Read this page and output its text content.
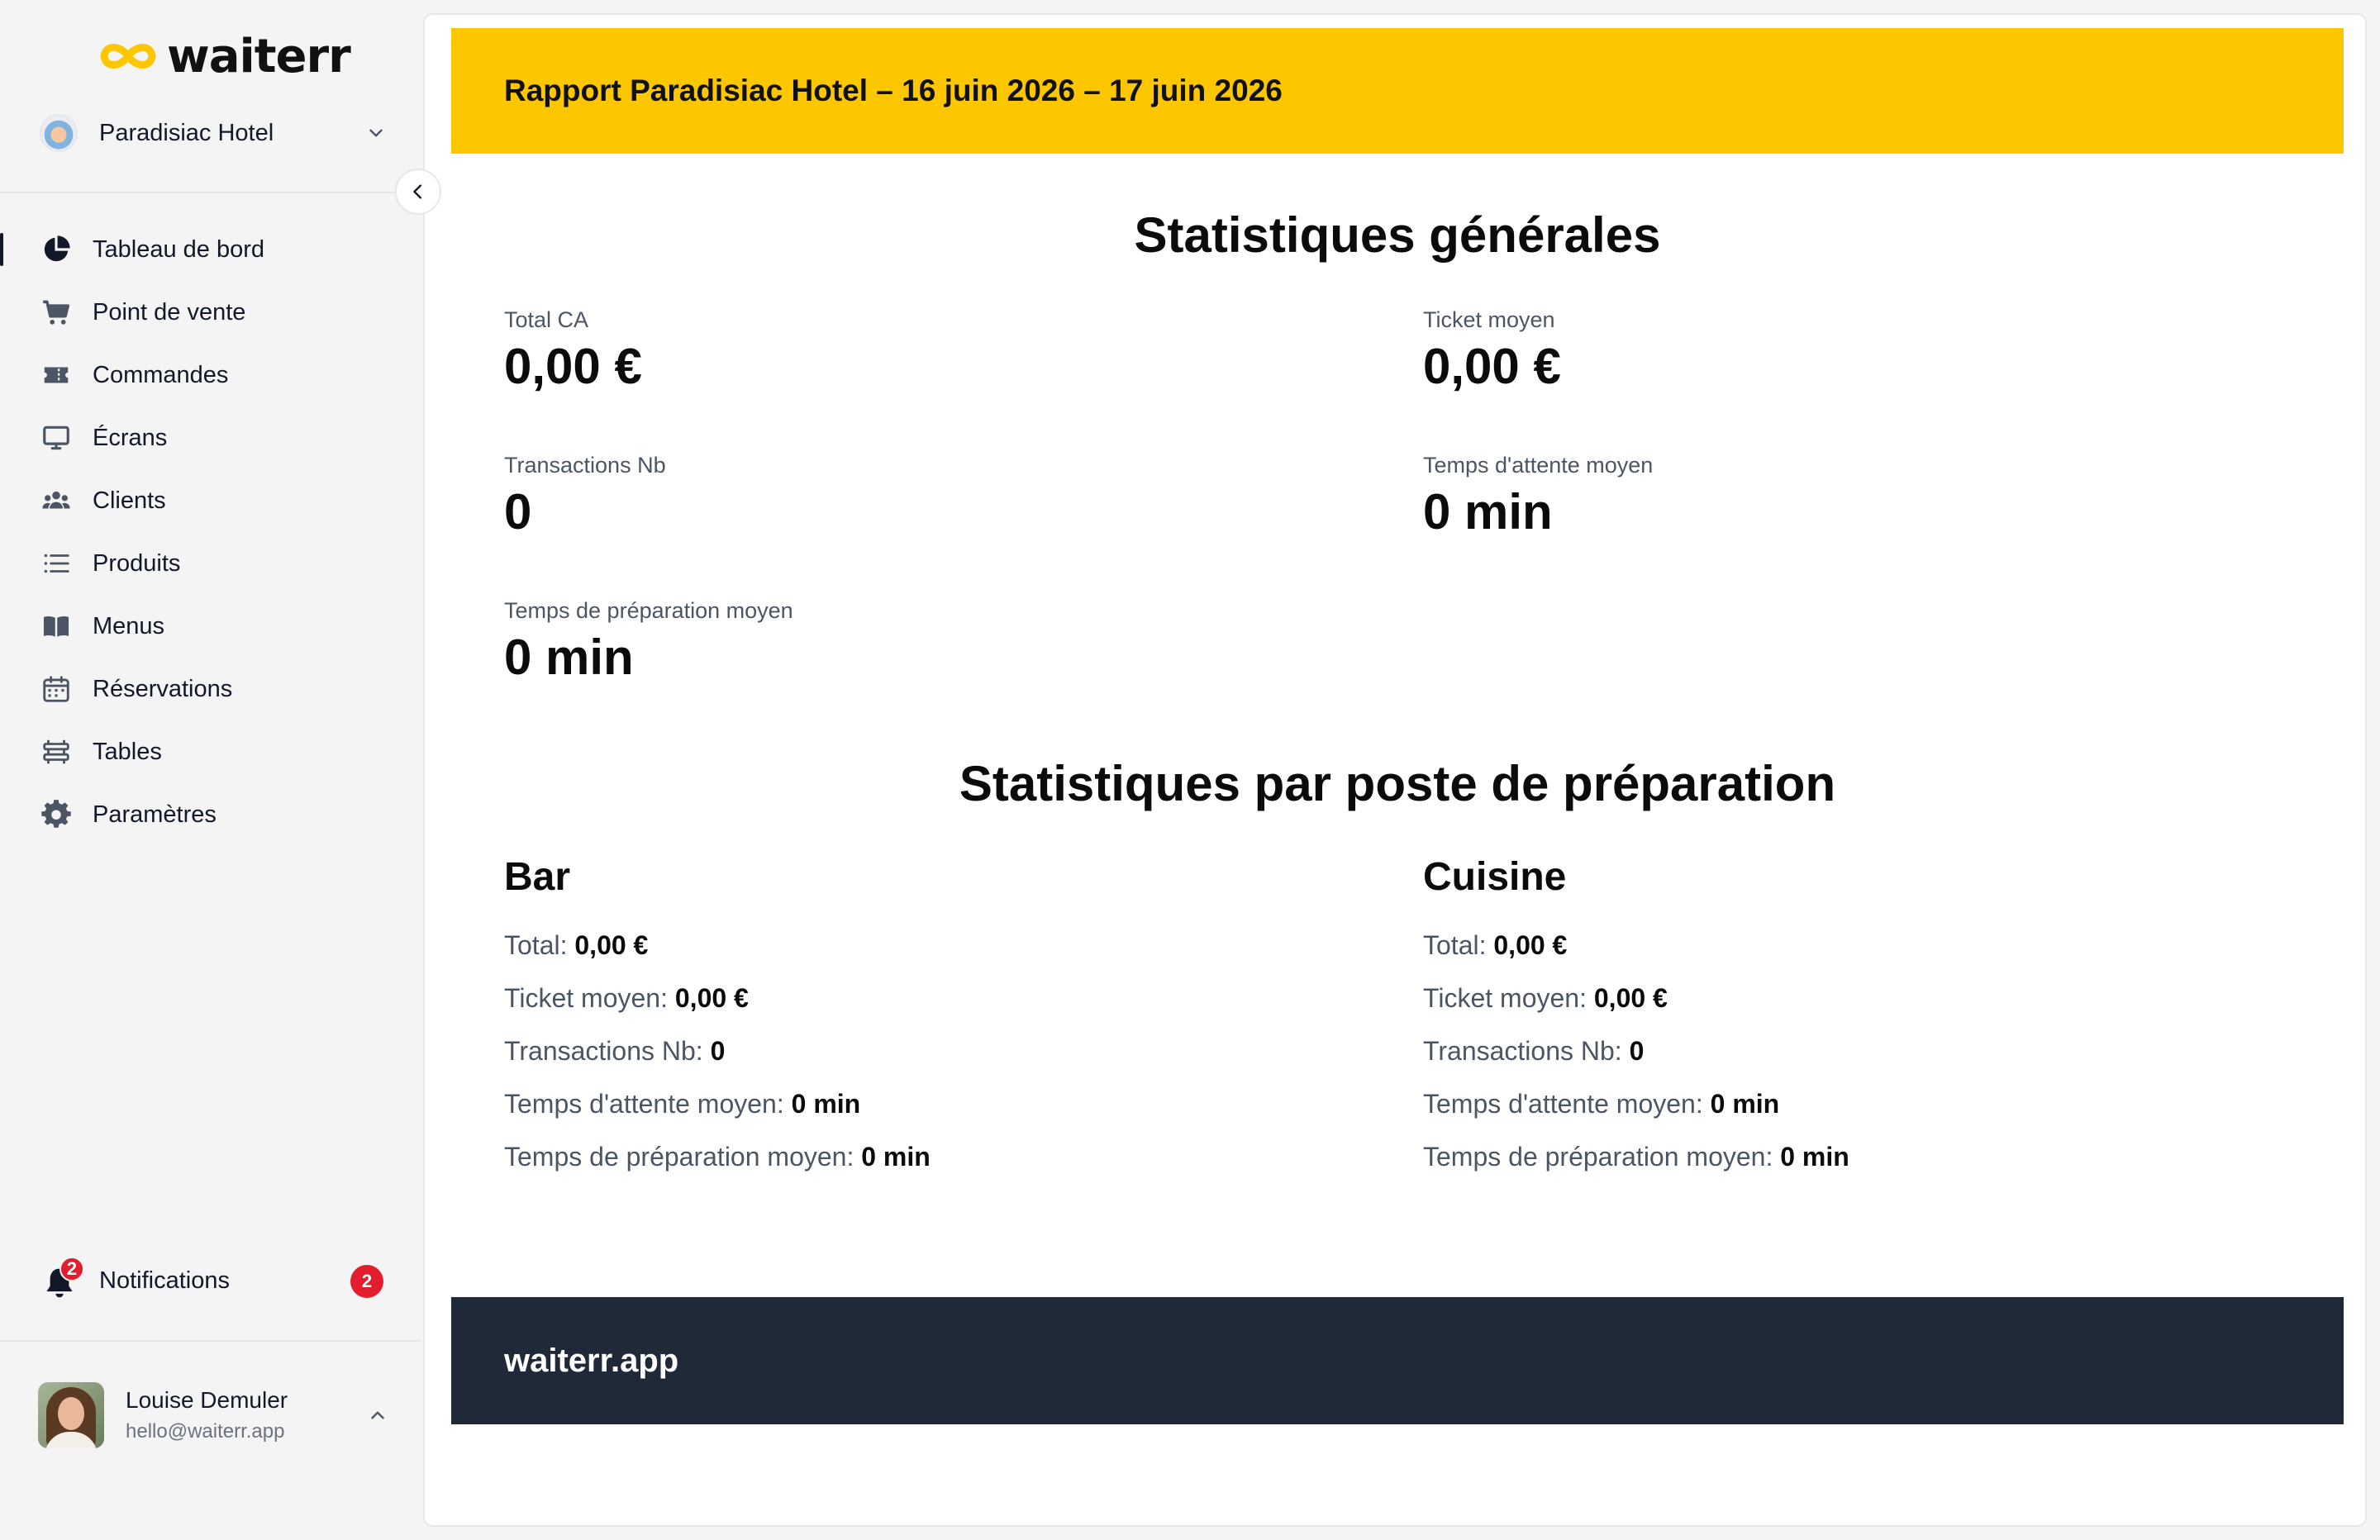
waiterr
Paradisiac Hotel
Tableau de bord
Point de vente
Commandes
Écrans
Clients
Produits
Menus
Réservations
Tables
Paramètres
2 Notifications	2
Louise Demuler
hello@waiterr.app
Rapport Paradisiac Hotel – 16 juin 2026 – 17 juin 2026
Statistiques générales
Total CA
0,00 €
Ticket moyen
0,00 €
Transactions Nb
0
Temps d'attente moyen
0 min
Temps de préparation moyen
0 min
Statistiques par poste de préparation
Bar
Total: 0,00 €
Ticket moyen: 0,00 €
Transactions Nb: 0
Temps d'attente moyen: 0 min
Temps de préparation moyen: 0 min
Cuisine
Total: 0,00 €
Ticket moyen: 0,00 €
Transactions Nb: 0
Temps d'attente moyen: 0 min
Temps de préparation moyen: 0 min
waiterr.app
